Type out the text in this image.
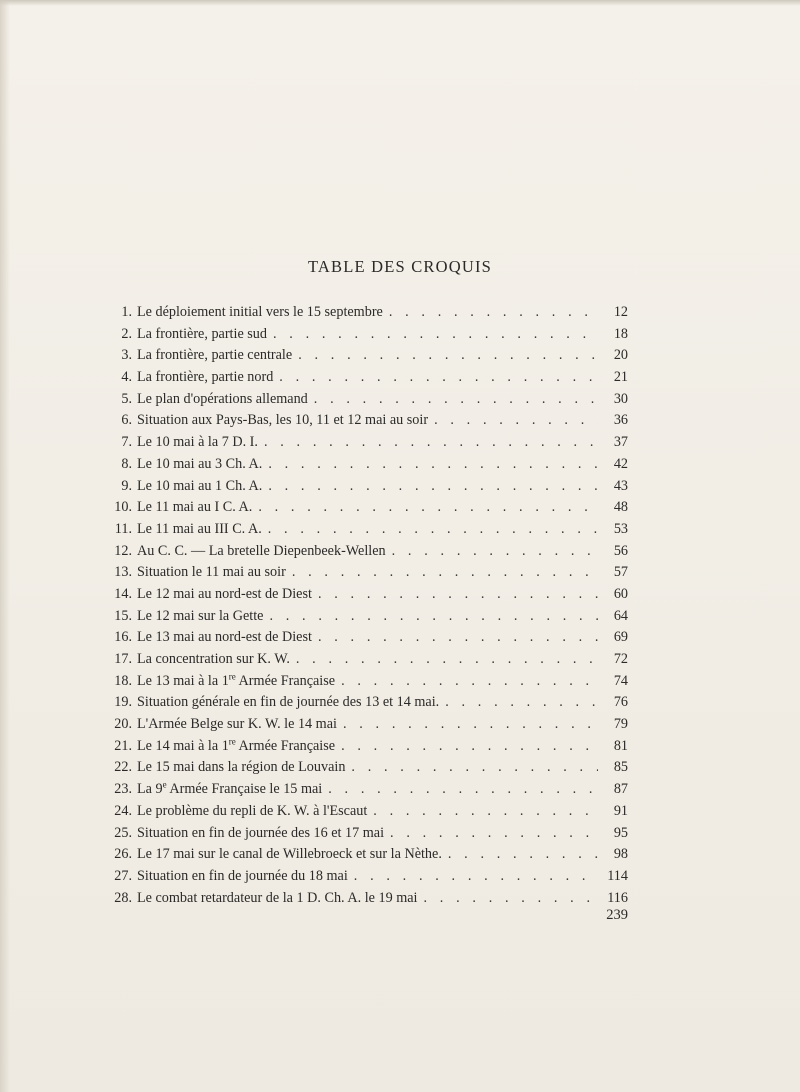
TABLE DES CROQUIS
1. Le déploiement initial vers le 15 septembre . . .	12
2. La frontière, partie sud . . .	18
3. La frontière, partie centrale . . .	20
4. La frontière, partie nord . . .	21
5. Le plan d'opérations allemand . . .	30
6. Situation aux Pays-Bas, les 10, 11 et 12 mai au soir . . .	36
7. Le 10 mai à la 7 D. I. . . .	37
8. Le 10 mai au 3 Ch. A. . . .	42
9. Le 10 mai au 1 Ch. A. . . .	43
10. Le 11 mai au I C. A. . . .	48
11. Le 11 mai au III C. A. . . .	53
12. Au C. C. — La bretelle Diepenbeek-Wellen . . .	56
13. Situation le 11 mai au soir . . .	57
14. Le 12 mai au nord-est de Diest . . .	60
15. Le 12 mai sur la Gette . . .	64
16. Le 13 mai au nord-est de Diest . . .	69
17. La concentration sur K. W. . . .	72
18. Le 13 mai à la 1re Armée Française . . .	74
19. Situation générale en fin de journée des 13 et 14 mai. . . .	76
20. L'Armée Belge sur K. W. le 14 mai . . .	79
21. Le 14 mai à la 1re Armée Française . . .	81
22. Le 15 mai dans la région de Louvain . . .	85
23. La 9e Armée Française le 15 mai . . .	87
24. Le problème du repli de K. W. à l'Escaut . . .	91
25. Situation en fin de journée des 16 et 17 mai . . .	95
26. Le 17 mai sur le canal de Willebroeck et sur la Nèthe. . . .	98
27. Situation en fin de journée du 18 mai . . .	114
28. Le combat retardateur de la 1 D. Ch. A. le 19 mai . . .	116
239
